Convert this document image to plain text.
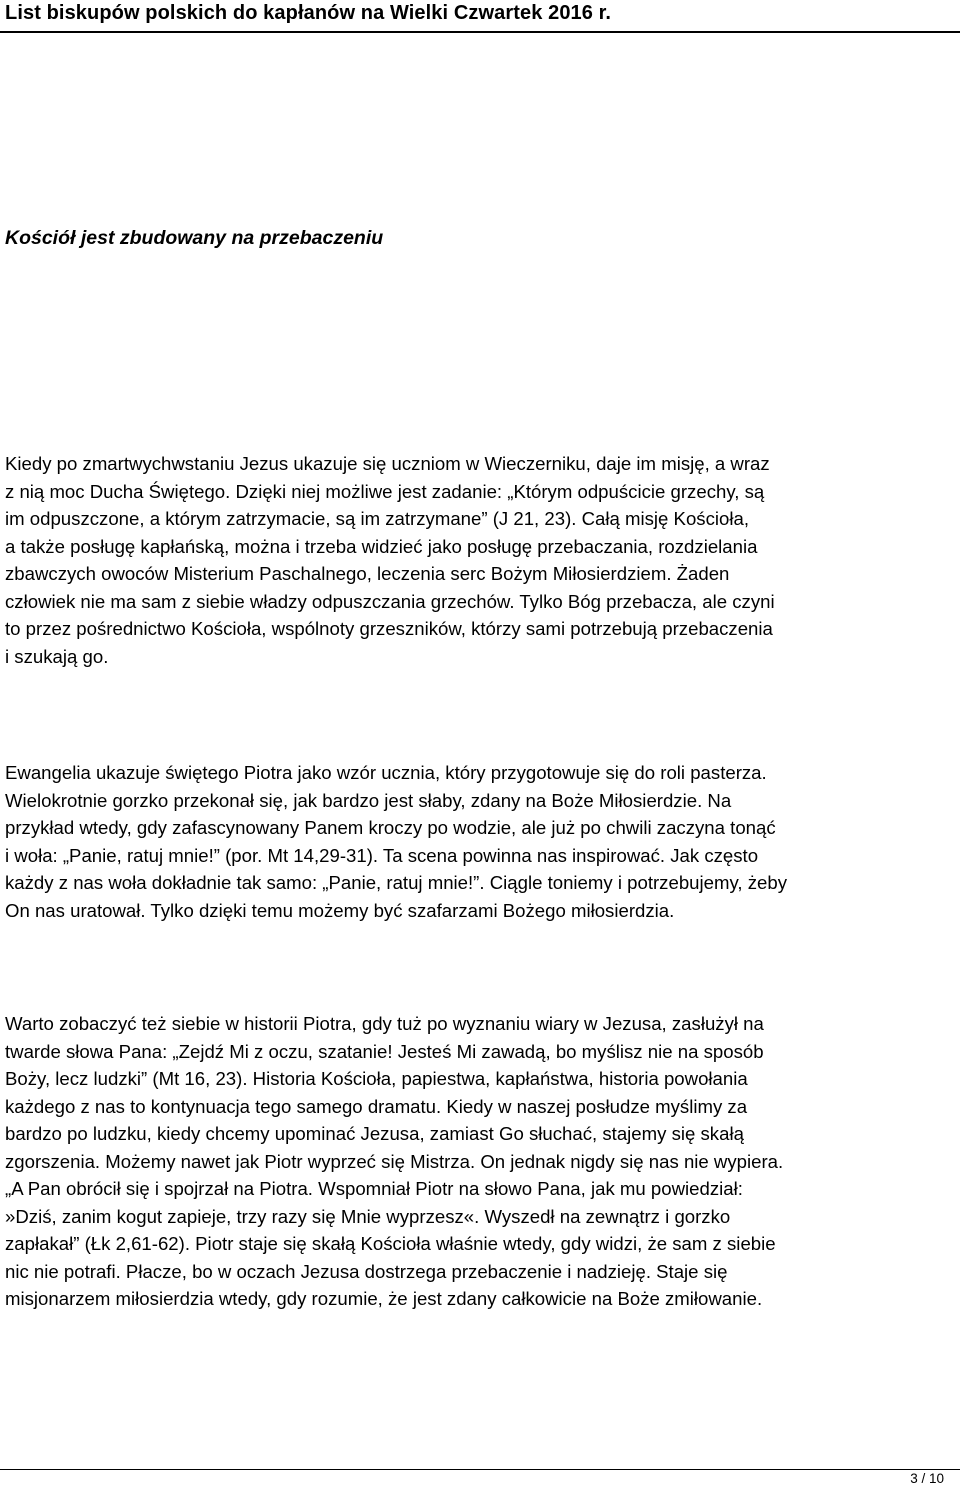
List biskupów polskich do kapłanów na Wielki Czwartek 2016 r.
Kościół jest zbudowany na przebaczeniu

Kiedy po zmartwychwstaniu Jezus ukazuje się uczniom w Wieczerniku, daje im misję, a wraz
z nią moc Ducha Świętego. Dzięki niej możliwe jest zadanie: „Którym odpuścicie grzechy, są
im odpuszczone, a którym zatrzymacie, są im zatrzymane” (J 21, 23). Całą misję Kościoła,
a także posługę kapłańską, można i trzeba widzieć jako posługę przebaczania, rozdzielania
zbawczych owoców Misterium Paschalnego, leczenia serc Bożym Miłosierdziem. Żaden
człowiek nie ma sam z siebie władzy odpuszczania grzechów. Tylko Bóg przebacza, ale czyni
to przez pośrednictwo Kościoła, wspólnoty grzeszników, którzy sami potrzebują przebaczenia
i szukają go.

Ewangelia ukazuje świętego Piotra jako wzór ucznia, który przygotowuje się do roli pasterza.
Wielokrotnie gorzko przekonał się, jak bardzo jest słaby, zdany na Boże Miłosierdzie. Na
przykład wtedy, gdy zafascynowany Panem kroczy po wodzie, ale już po chwili zaczyna tonąć
i woła: „Panie, ratuj mnie!” (por. Mt 14,29-31). Ta scena powinna nas inspirować. Jak często
każdy z nas woła dokładnie tak samo: „Panie, ratuj mnie!”. Ciągle toniemy i potrzebujemy, żeby
On nas uratował. Tylko dzięki temu możemy być szafarzami Bożego miłosierdzia.

Warto zobaczyć też siebie w historii Piotra, gdy tuż po wyznaniu wiary w Jezusa, zasłużył na
twarde słowa Pana: „Zejdź Mi z oczu, szatanie! Jesteś Mi zawadą, bo myślisz nie na sposób
Boży, lecz ludzki” (Mt 16, 23). Historia Kościoła, papiestwa, kapłaństwa, historia powołania
każdego z nas to kontynuacja tego samego dramatu. Kiedy w naszej posłudze myślimy za
bardzo po ludzku, kiedy chcemy upominać Jezusa, zamiast Go słuchać, stajemy się skałą
zgorszenia. Możemy nawet jak Piotr wyprzeć się Mistrza. On jednak nigdy się nas nie wypiera.
„A Pan obrócił się i spojrzał na Piotra. Wspomniał Piotr na słowo Pana, jak mu powiedział:
»Dziś, zanim kogut zapieje, trzy razy się Mnie wyprzesz«. Wyszedł na zewnątrz i gorzko
zapłakał” (Łk 2,61-62). Piotr staje się skałą Kościoła właśnie wtedy, gdy widzi, że sam z siebie
nic nie potrafi. Płacze, bo w oczach Jezusa dostrzega przebaczenie i nadzieję. Staje się
misjonarzem miłosierdzia wtedy, gdy rozumie, że jest zdany całkowicie na Boże zmiłowanie.

3 / 10
